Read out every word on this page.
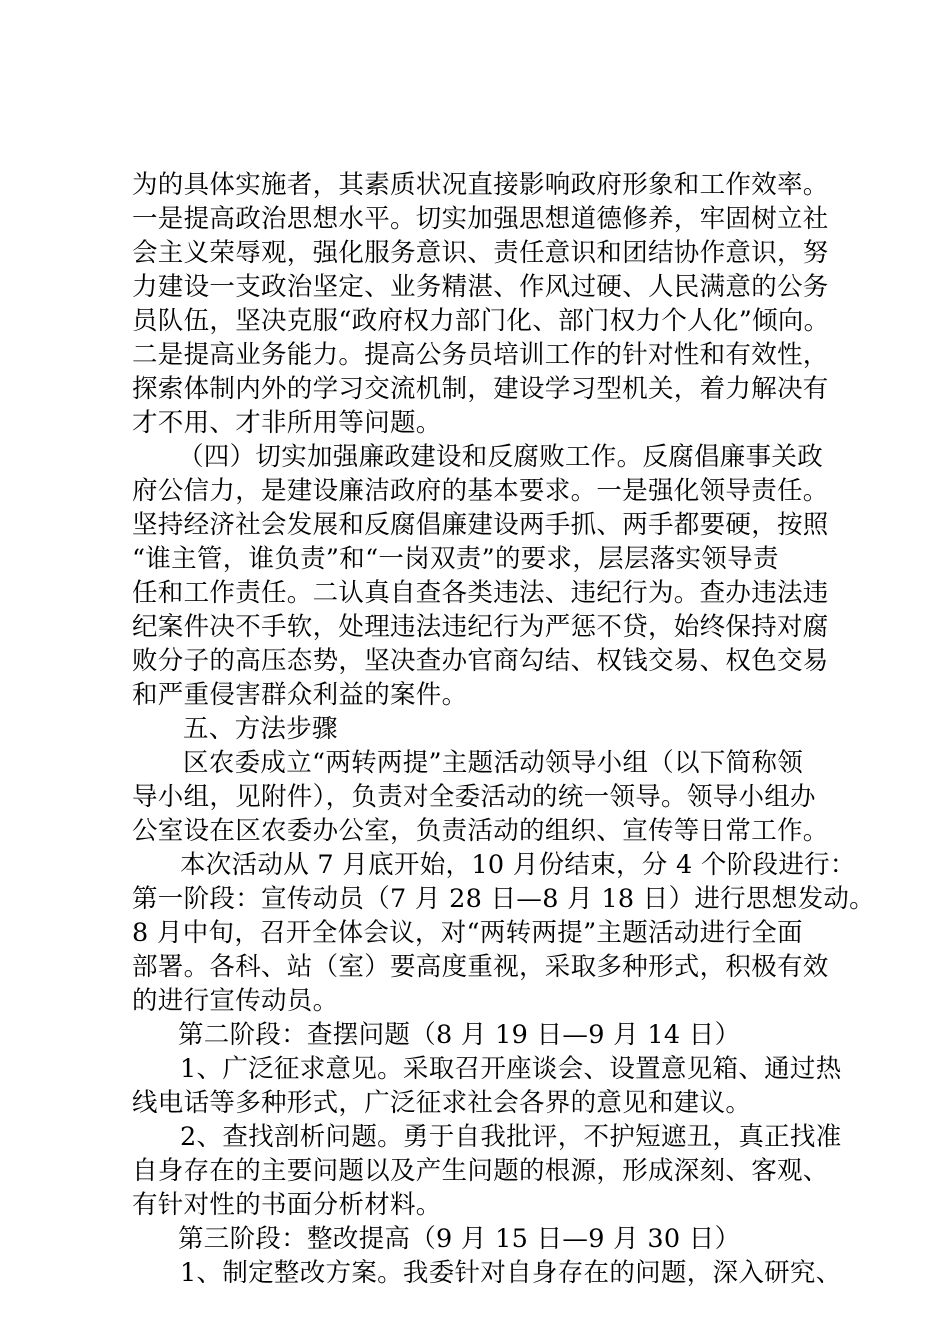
为的具体实施者，其素质状况直接影响政府形象和工作效率。
一是提高政治思想水平。切实加强思想道德修养，牢固树立社
会主义荣辱观，强化服务意识、责任意识和团结协作意识，努
力建设一支政治坚定、业务精湛、作风过硬、人民满意的公务
员队伍，坚决克服“政府权力部门化、部门权力个人化”倾向。
二是提高业务能力。提高公务员培训工作的针对性和有效性，
探索体制内外的学习交流机制，建设学习型机关，着力解决有
才不用、才非所用等问题。
（四）切实加强廉政建设和反腐败工作。反腐倡廉事关政
府公信力，是建设廉洁政府的基本要求。一是强化领导责任。
坚持经济社会发展和反腐倡廉建设两手抓、两手都要硬，按照
“谁主管，谁负责”和“一岗双责”的要求，层层落实领导责
任和工作责任。二认真自查各类违法、违纪行为。查办违法违
纪案件决不手软，处理违法违纪行为严惩不贷，始终保持对腐
败分子的高压态势，坚决查办官商勾结、权钱交易、权色交易
和严重侵害群众利益的案件。
五、方法步骤
区农委成立“两转两提”主题活动领导小组（以下简称领
导小组，见附件），负责对全委活动的统一领导。领导小组办
公室设在区农委办公室，负责活动的组织、宣传等日常工作。
本次活动从 7 月底开始，10 月份结束，分 4 个阶段进行：
第一阶段：宣传动员（7 月 28 日—8 月 18 日）进行思想发动。
8 月中旬，召开全体会议，对“两转两提”主题活动进行全面
部署。各科、站（室）要高度重视，采取多种形式，积极有效
的进行宣传动员。
第二阶段：查摆问题（8 月 19 日—9 月 14 日）
1、广泛征求意见。采取召开座谈会、设置意见箱、通过热
线电话等多种形式，广泛征求社会各界的意见和建议。
2、查找剖析问题。勇于自我批评，不护短遮丑，真正找准
自身存在的主要问题以及产生问题的根源，形成深刻、客观、
有针对性的书面分析材料。
第三阶段：整改提高（9 月 15 日—9 月 30 日）
1、制定整改方案。我委针对自身存在的问题，深入研究、
